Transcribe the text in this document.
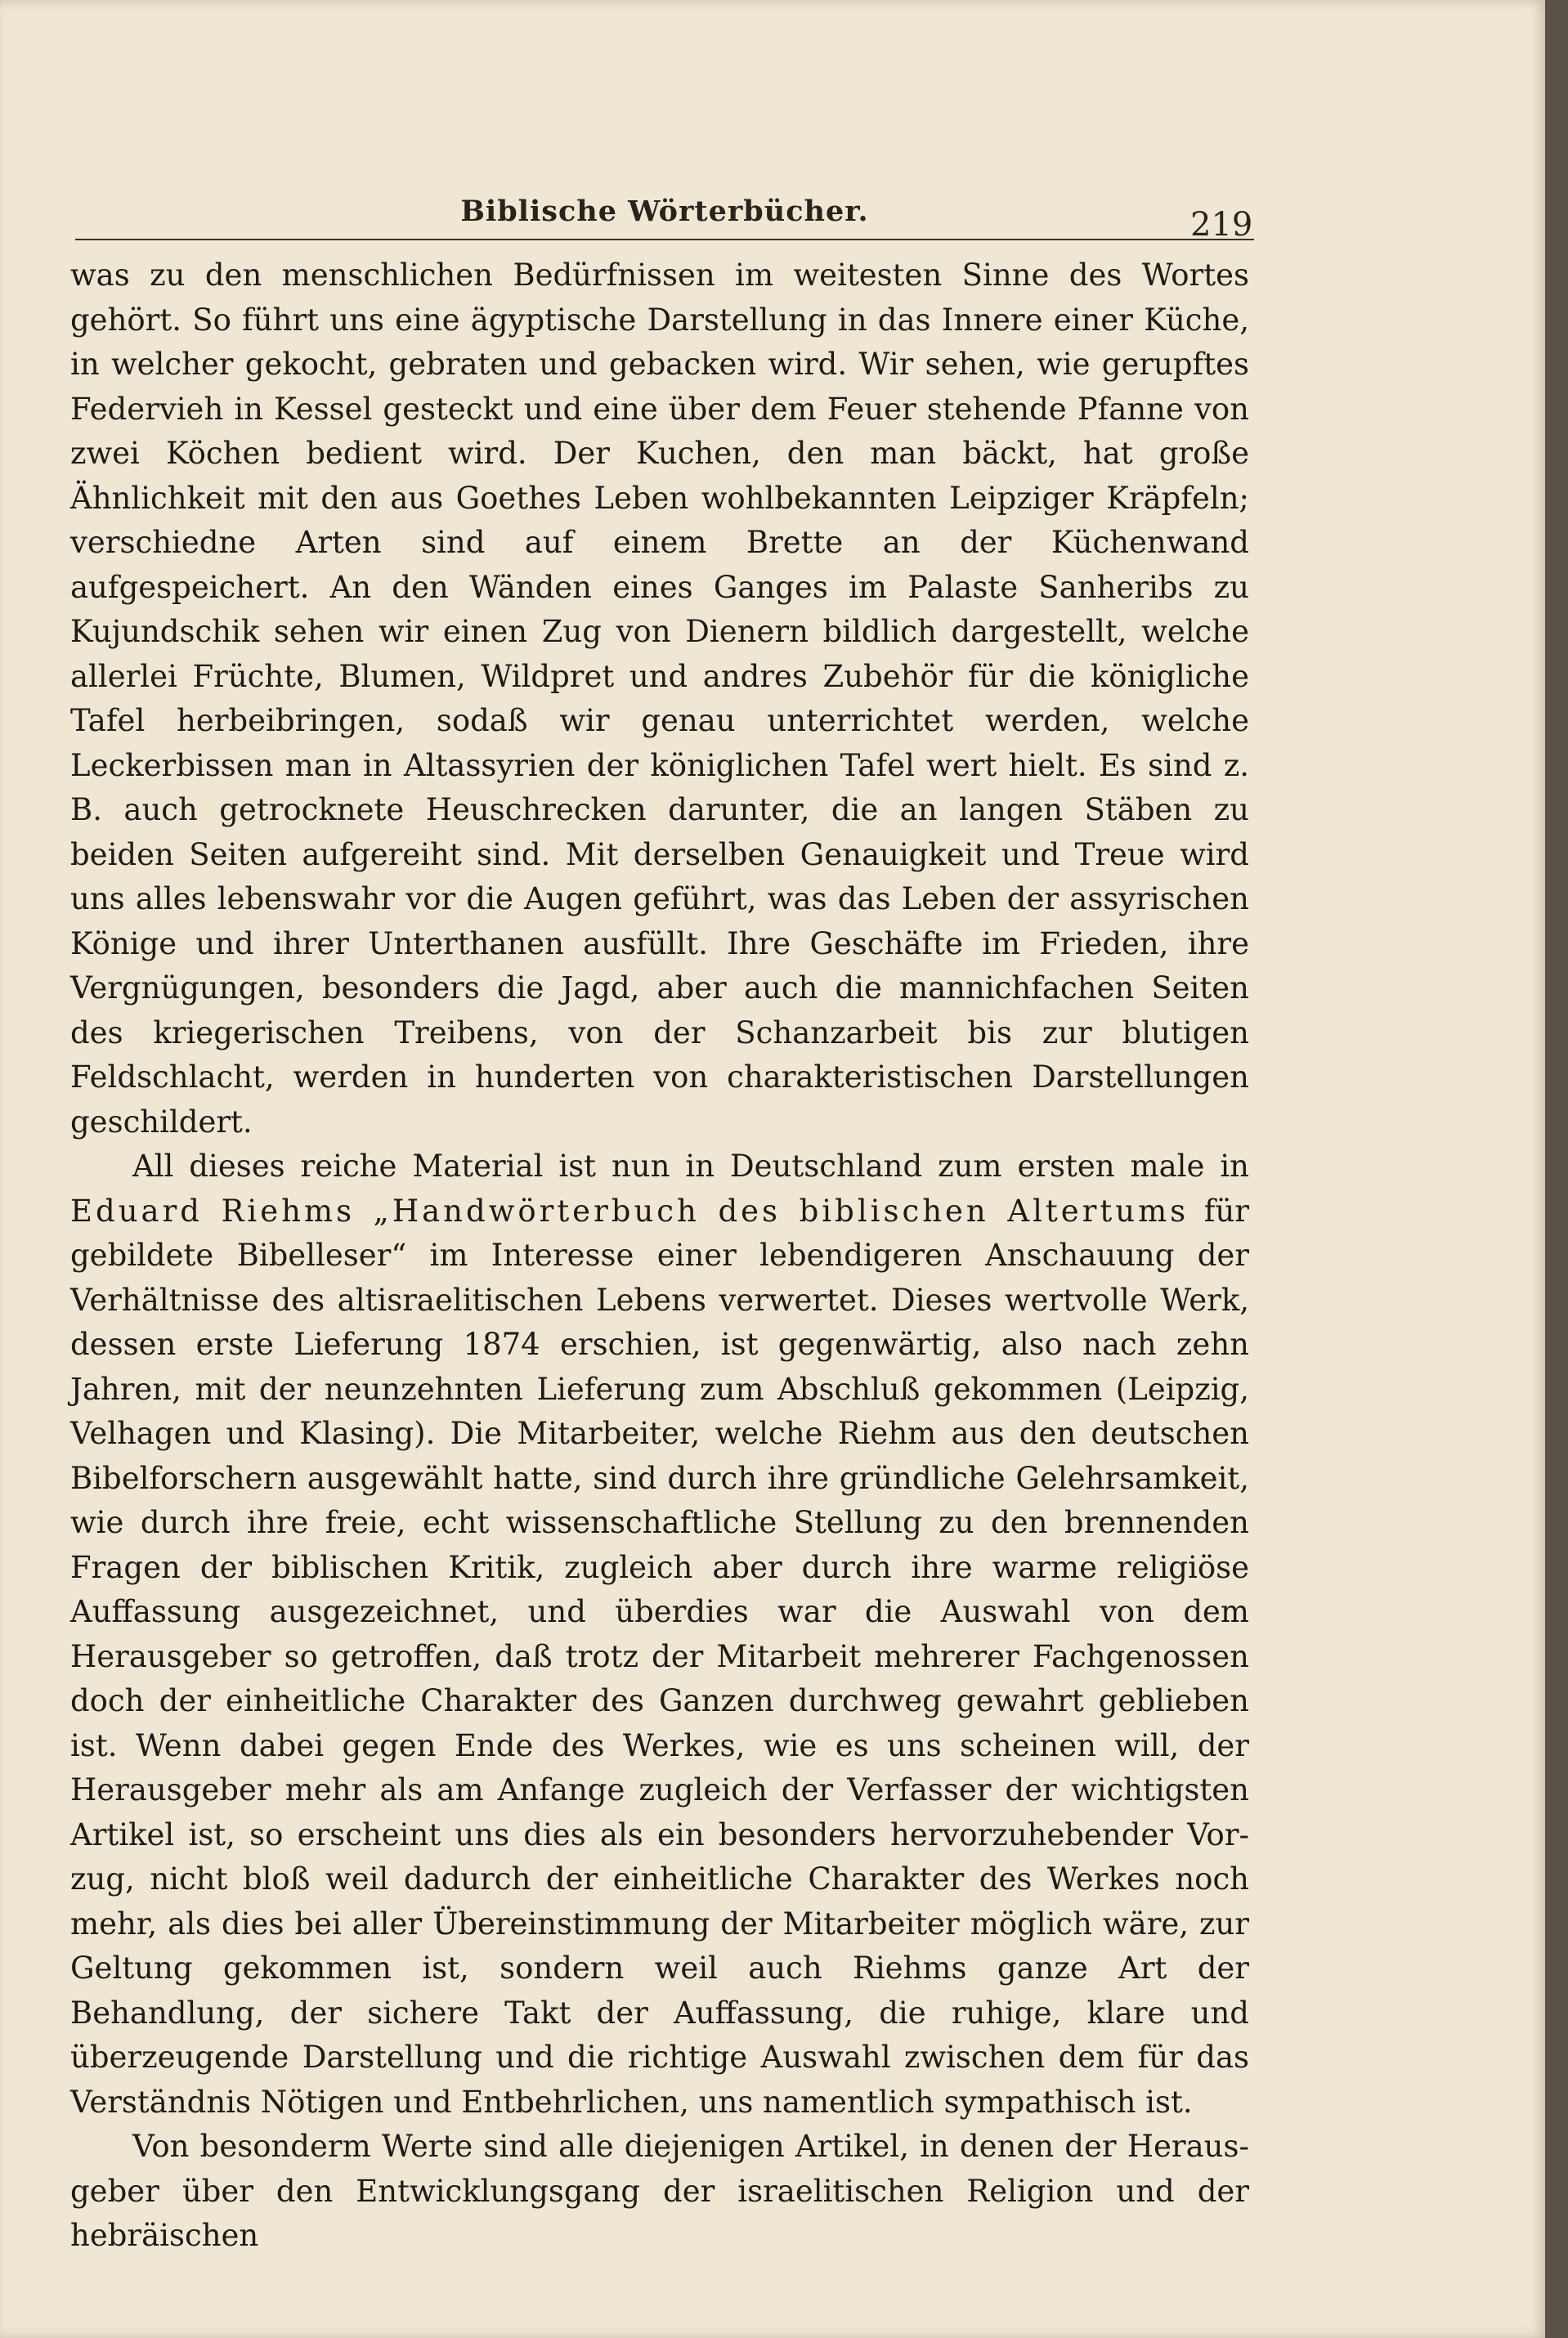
Biblische Wörterbücher.	219

was zu den menschlichen Bedürfnissen im weitesten Sinne des Wortes gehört. So führt uns eine ägyptische Darstellung in das Innere einer Küche, in welcher gekocht, gebraten und gebacken wird. Wir sehen, wie gerupftes Federvieh in Kessel gesteckt und eine über dem Feuer stehende Pfanne von zwei Köchen bedient wird. Der Kuchen, den man bäckt, hat große Ähnlichkeit mit den aus Goethes Leben wohlbekannten Leipziger Kräpfeln; verschiedne Arten sind auf einem Brette an der Küchenwand aufgespeichert. An den Wänden eines Ganges im Palaste Sanheribs zu Kujundschik sehen wir einen Zug von Dienern bildlich dargestellt, welche allerlei Früchte, Blumen, Wildpret und andres Zubehör für die königliche Tafel herbeibringen, sodaß wir genau unterrichtet werden, welche Leckerbissen man in Altassyrien der königlichen Tafel wert hielt. Es sind z. B. auch getrocknete Heuschrecken darunter, die an langen Stäben zu beiden Seiten aufgereiht sind. Mit derselben Genauigkeit und Treue wird uns alles lebenswahr vor die Augen geführt, was das Leben der assyrischen Könige und ihrer Unterthanen ausfüllt. Ihre Geschäfte im Frieden, ihre Vergnügungen, besonders die Jagd, aber auch die mannichfachen Seiten des kriegerischen Treibens, von der Schanzarbeit bis zur blutigen Feldschlacht, werden in hunderten von charakteristischen Darstellungen geschildert.

All dieses reiche Material ist nun in Deutschland zum ersten male in Eduard Riehms „Handwörterbuch des biblischen Altertums für gebildete Bibelleser“ im Interesse einer lebendigeren Anschauung der Verhältnisse des altisraelitischen Lebens verwertet. Dieses wertvolle Werk, dessen erste Lieferung 1874 erschien, ist gegenwärtig, also nach zehn Jahren, mit der neunzehnten Lieferung zum Abschluß gekommen (Leipzig, Velhagen und Klasing). Die Mitarbeiter, welche Riehm aus den deutschen Bibelforschern ausgewählt hatte, sind durch ihre gründliche Gelehrsamkeit, wie durch ihre freie, echt wissenschaftliche Stellung zu den brennenden Fragen der biblischen Kritik, zugleich aber durch ihre warme religiöse Auffassung ausgezeichnet, und überdies war die Auswahl von dem Herausgeber so getroffen, daß trotz der Mitarbeit mehrerer Fachgenossen doch der einheitliche Charakter des Ganzen durchweg gewahrt geblieben ist. Wenn dabei gegen Ende des Werkes, wie es uns scheinen will, der Herausgeber mehr als am Anfange zugleich der Verfasser der wichtigsten Artikel ist, so erscheint uns dies als ein besonders hervorzuhebender Vorzug, nicht bloß weil dadurch der einheitliche Charakter des Werkes noch mehr, als dies bei aller Übereinstimmung der Mitarbeiter möglich wäre, zur Geltung gekommen ist, sondern weil auch Riehms ganze Art der Behandlung, der sichere Takt der Auffassung, die ruhige, klare und überzeugende Darstellung und die richtige Auswahl zwischen dem für das Verständnis Nötigen und Entbehrlichen, uns namentlich sympathisch ist.

Von besonderm Werte sind alle diejenigen Artikel, in denen der Herausgeber über den Entwicklungsgang der israelitischen Religion und der hebräischen
